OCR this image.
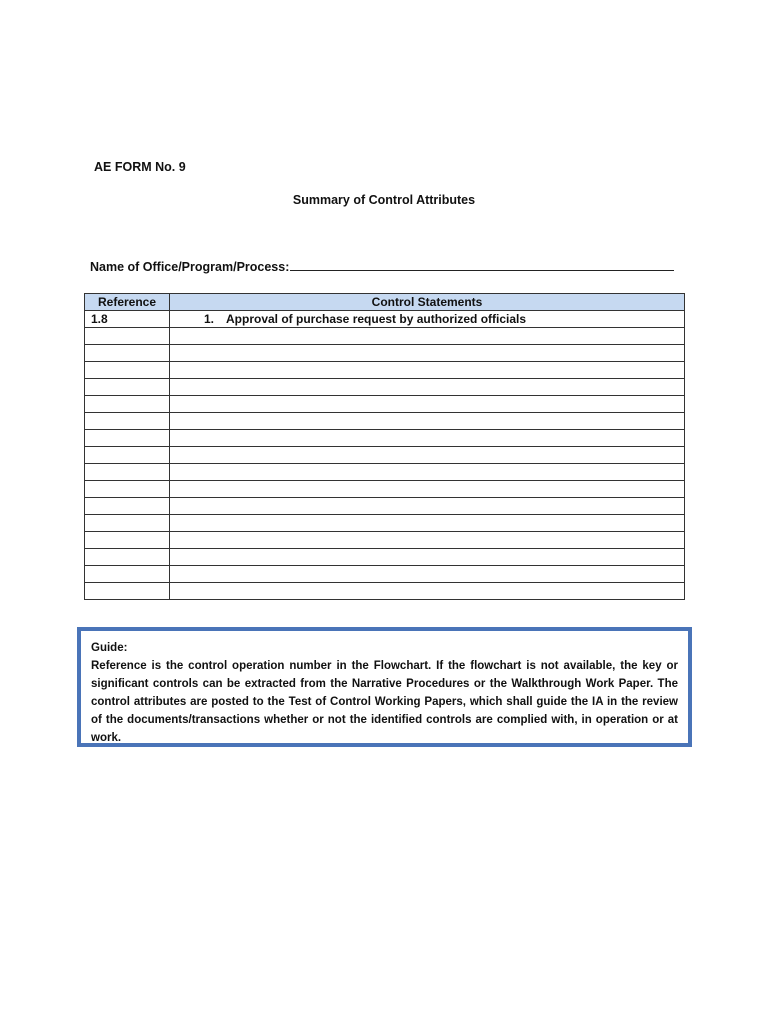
AE FORM No. 9
Summary of Control Attributes
Name of Office/Program/Process:
Reference	Control Statements
1.8	1. Approval of purchase request by authorized officials

Guide:
Reference is the control operation number in the Flowchart. If the flowchart is not available, the key or significant controls can be extracted from the Narrative Procedures or the Walkthrough Work Paper. The control attributes are posted to the Test of Control Working Papers, which shall guide the IA in the review of the documents/transactions whether or not the identified controls are complied with, in operation or at work.
